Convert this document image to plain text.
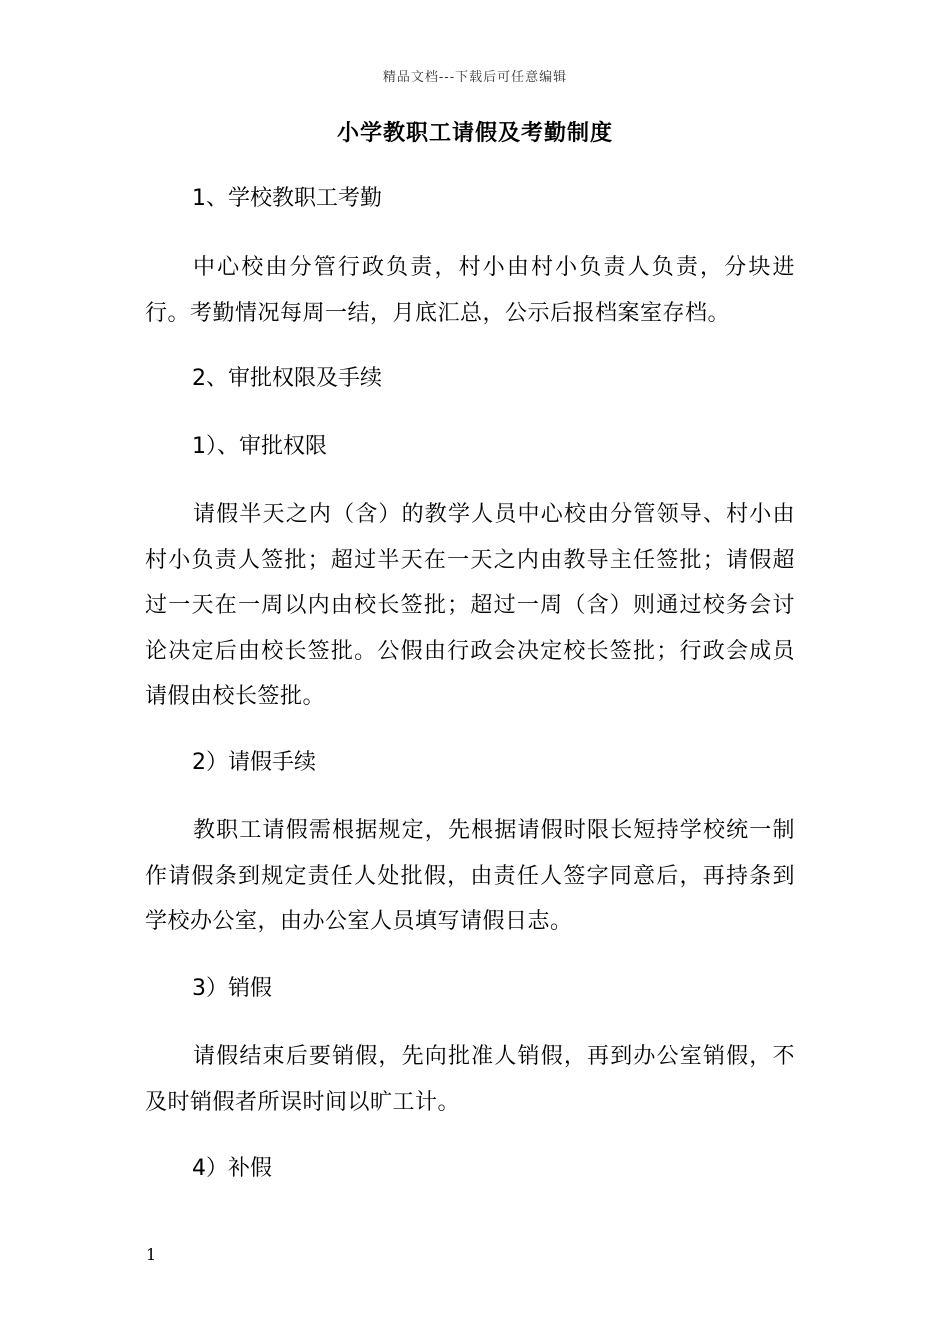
精品文档---下载后可任意编辑
小学教职工请假及考勤制度
1、学校教职工考勤
中心校由分管行政负责，村小由村小负责人负责，分块进行。考勤情况每周一结，月底汇总，公示后报档案室存档。
2、审批权限及手续
1）、审批权限
请假半天之内（含）的教学人员中心校由分管领导、村小由村小负责人签批；超过半天在一天之内由教导主任签批；请假超过一天在一周以内由校长签批；超过一周（含）则通过校务会讨论决定后由校长签批。公假由行政会决定校长签批；行政会成员请假由校长签批。
2）请假手续
教职工请假需根据规定，先根据请假时限长短持学校统一制作请假条到规定责任人处批假，由责任人签字同意后，再持条到学校办公室，由办公室人员填写请假日志。
3）销假
请假结束后要销假，先向批准人销假，再到办公室销假，不及时销假者所误时间以旷工计。
4）补假
1
